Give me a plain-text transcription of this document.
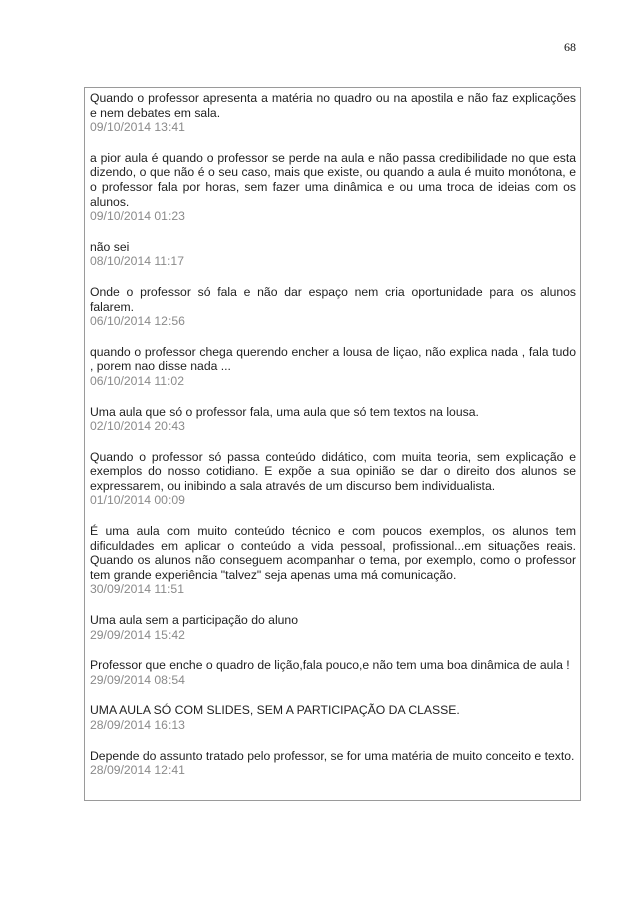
68

Quando o professor apresenta a matéria no quadro ou na apostila e não faz explicações e nem debates em sala.

09/10/2014 13:41

a pior aula é quando o professor se perde na aula e não passa credibilidade no que esta dizendo, o que não é o seu caso, mais que existe, ou quando a aula é muito monótona, e o professor fala por horas, sem fazer uma dinâmica e ou uma troca de ideias com os alunos.

09/10/2014 01:23

não sei

08/10/2014 11:17

Onde o professor só fala e não dar espaço nem cria oportunidade para os alunos falarem.

06/10/2014 12:56

quando o professor chega querendo encher a lousa de liçao, não explica nada , fala tudo , porem nao disse nada ...

06/10/2014 11:02

Uma aula que só o professor fala, uma aula que só tem textos na lousa.

02/10/2014 20:43

Quando o professor só passa conteúdo didático, com muita teoria, sem explicação e exemplos do nosso cotidiano. E expõe a sua opinião se dar o direito dos alunos se expressarem, ou inibindo a sala através de um discurso bem individualista.

01/10/2014 00:09

É uma aula com muito conteúdo técnico e com poucos exemplos, os alunos tem dificuldades em aplicar o conteúdo a vida pessoal, profissional...em situações reais. Quando os alunos não conseguem acompanhar o tema, por exemplo, como o professor tem grande experiência "talvez" seja apenas uma má comunicação.

30/09/2014 11:51

Uma aula sem a participação do aluno

29/09/2014 15:42

Professor que enche o quadro de lição,fala pouco,e não tem uma boa dinâmica de aula !

29/09/2014 08:54

UMA AULA SÓ COM SLIDES, SEM A PARTICIPAÇÃO DA CLASSE.

28/09/2014 16:13

Depende do assunto tratado pelo professor, se for uma matéria de muito conceito e texto.

28/09/2014 12:41
